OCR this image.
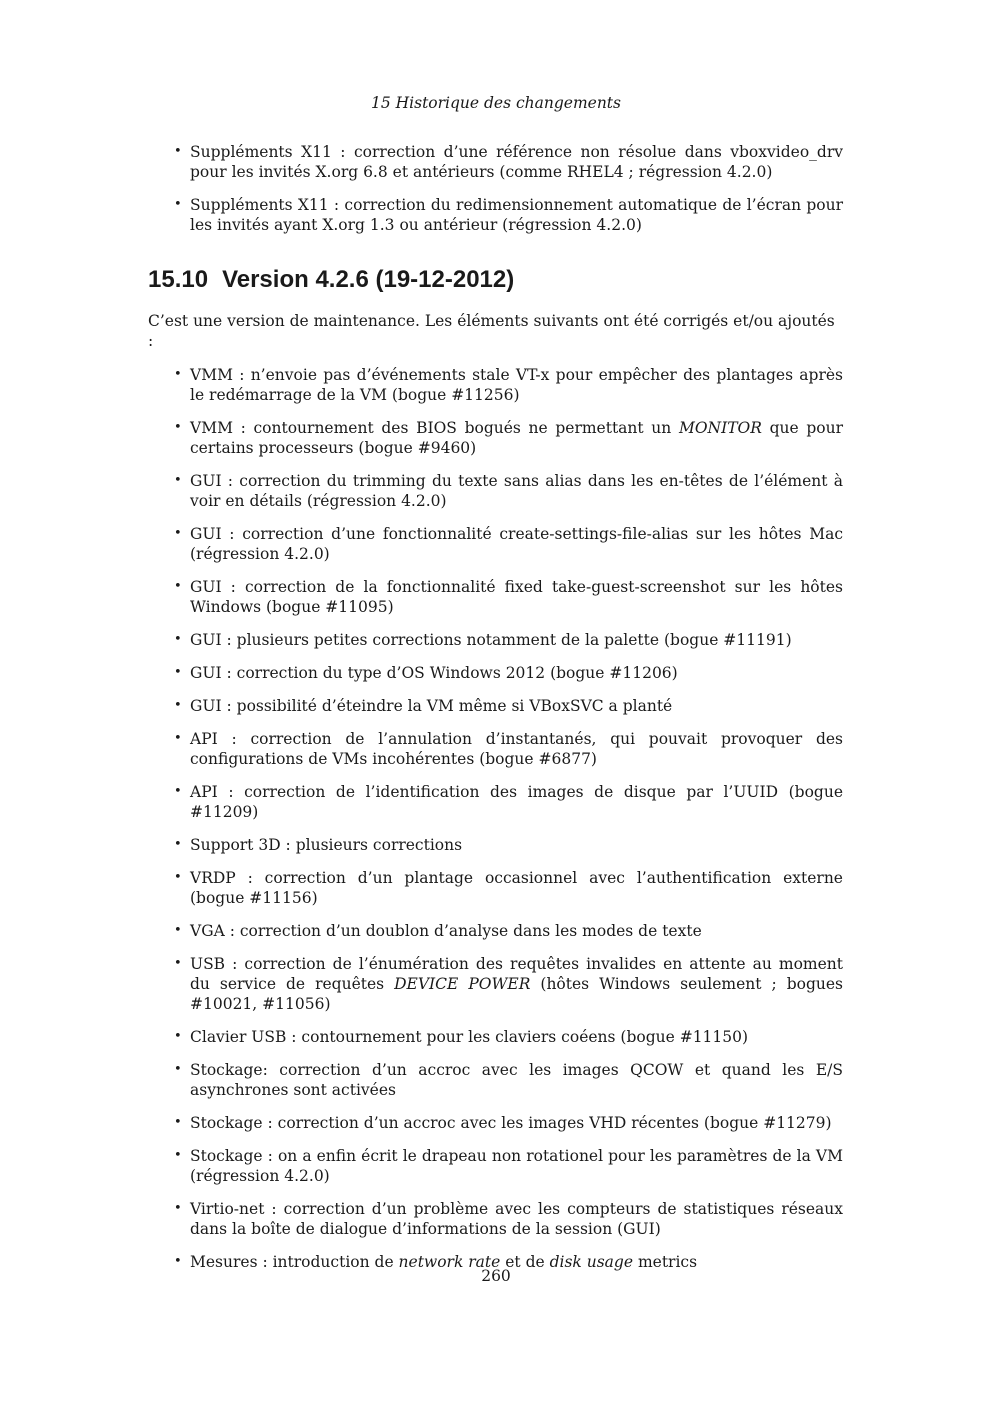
15 Historique des changements
• Suppléments X11 : correction d’une référence non résolue dans vboxvideo_drv pour les invités X.org 6.8 et antérieurs (comme RHEL4 ; régression 4.2.0)
• Suppléments X11 : correction du redimensionnement automatique de l’écran pour les invités ayant X.org 1.3 ou antérieur (régression 4.2.0)
15.10 Version 4.2.6 (19-12-2012)

C’est une version de maintenance. Les éléments suivants ont été corrigés et/ou ajoutés :

• VMM : n’envoie pas d’événements stale VT-x pour empêcher des plantages après le redémarrage de la VM (bogue #11256)
• VMM : contournement des BIOS bogués ne permettant un MONITOR que pour certains processeurs (bogue #9460)
• GUI : correction du trimming du texte sans alias dans les en-têtes de l’élément à voir en détails (régression 4.2.0)
• GUI : correction d’une fonctionnalité create-settings-file-alias sur les hôtes Mac (régression 4.2.0)
• GUI : correction de la fonctionnalité fixed take-guest-screenshot sur les hôtes Windows (bogue #11095)
• GUI : plusieurs petites corrections notamment de la palette (bogue #11191)
• GUI : correction du type d’OS Windows 2012 (bogue #11206)
• GUI : possibilité d’éteindre la VM même si VBoxSVC a planté
• API : correction de l’annulation d’instantanés, qui pouvait provoquer des configurations de VMs incohérentes (bogue #6877)
• API : correction de l’identification des images de disque par l’UUID (bogue #11209)
• Support 3D : plusieurs corrections
• VRDP : correction d’un plantage occasionnel avec l’authentification externe (bogue #11156)
• VGA : correction d’un doublon d’analyse dans les modes de texte
• USB : correction de l’énumération des requêtes invalides en attente au moment du service de requêtes DEVICE POWER (hôtes Windows seulement ; bogues #10021, #11056)
• Clavier USB : contournement pour les claviers coéens (bogue #11150)
• Stockage: correction d’un accroc avec les images QCOW et quand les E/S asynchrones sont activées
• Stockage : correction d’un accroc avec les images VHD récentes (bogue #11279)
• Stockage : on a enfin écrit le drapeau non rotationel pour les paramètres de la VM (régression 4.2.0)
• Virtio-net : correction d’un problème avec les compteurs de statistiques réseaux dans la boîte de dialogue d’informations de la session (GUI)
• Mesures : introduction de network rate et de disk usage metrics
260
